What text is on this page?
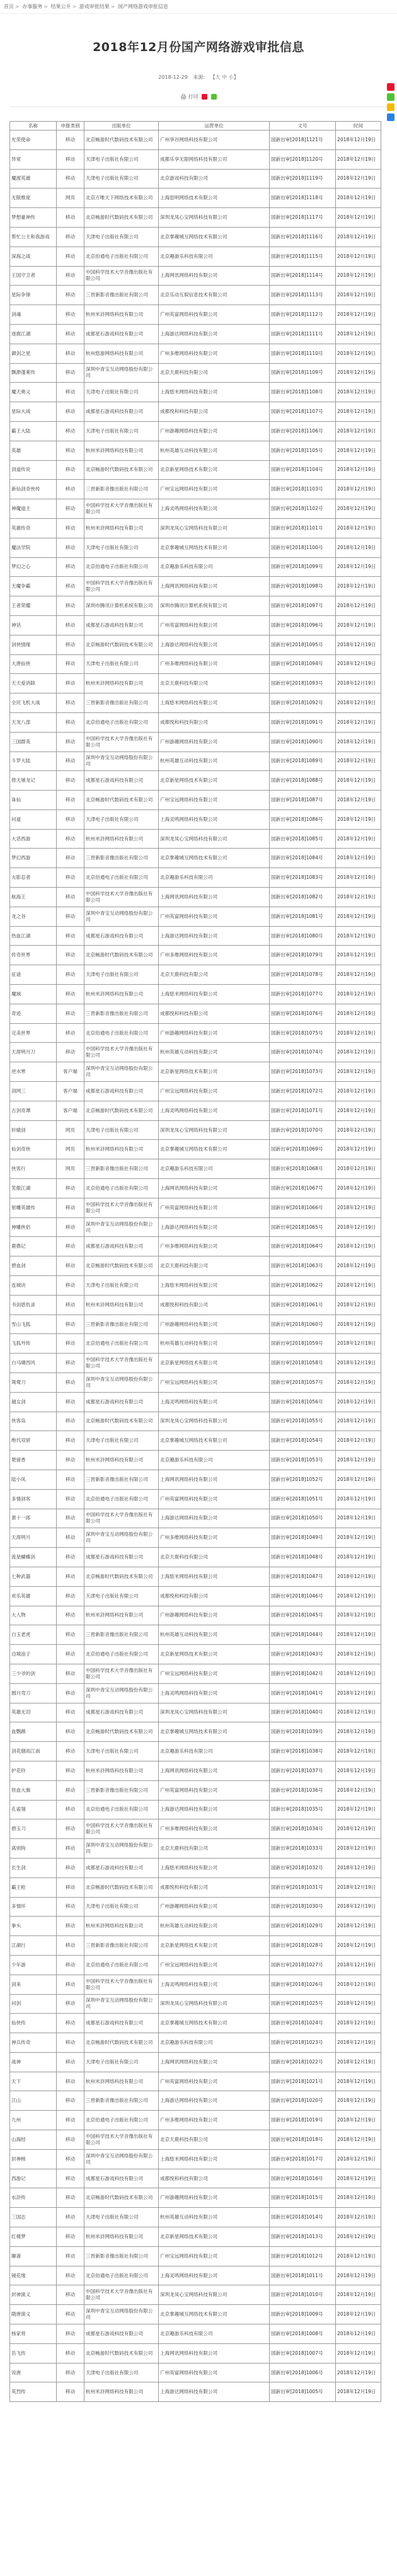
首页 > 办事服务 > 结果公开 > 游戏审批结果 > 国产网络游戏审批信息
2018年12月份国产网络游戏审批信息
2018-12-29 来源: 【大 中 小】
🖨 打印
名称	申报类别	出版单位	运营单位	文号	时间
光荣使命	移动	北京畅游时代数码技术有限公司	广州享谷网络科技有限公司	国新出审[2018]1121号	2018年12月19日
异常	移动	天津电子出版社有限公司	成都乐享无限网络科技有限公司	国新出审[2018]1120号	2018年12月19日
魔渡英雄	移动	天津电子出版社有限公司	北京游戏科技有限公司	国新出审[2018]1119号	2018年12月19日
无限维度	网页	北京万唯天下网络技术有限公司	上海思明网络技术有限公司	国新出审[2018]1118号	2018年12月19日
梦想豪神传	移动	北京畅游时代数码技术有限公司	深圳龙凤心宝网络科技有限公司	国新出审[2018]1117号	2018年12月19日
帮忙公主和我游戏	移动	天津电子出版社有限公司	北京掌趣城互网络技术有限公司	国新出审[2018]1116号	2018年12月19日
深海之战	移动	北京伯通电子出版社有限公司	北京趣游乐科技有限公司	国新出审[2018]1115号	2018年12月19日
王国守卫者	移动	中国科学技术大学音像出版社有限公司	上海网讯网络科技有限公司	国新出审[2018]1114号	2018年12月19日
星际争锋	移动	三晋新影音像出版社有限公司	北京乐动互娱信息技术有限公司	国新出审[2018]1113号	2018年12月19日
剑魂	移动	杭州米浒网络科技有限公司	广州英富网络科技有限公司	国新出审[2018]1112号	2018年12月19日
逐鹿江湖	移动	成都星石游戏科技有限公司	上海游达网络科技有限公司	国新出审[2018]1111号	2018年12月19日
御剑之星	移动	杭州悠游网络科技有限公司	广州多维网络科技有限公司	国新出审[2018]1110号	2018年12月19日
飘渺蓬莱传	移动	深圳中青宝互动网络股份有限公司	北京天鹿科技有限公司	国新出审[2018]1109号	2018年12月19日
魔天奥义	移动	天津电子出版社有限公司	上海悠米网络科技有限公司	国新出审[2018]1108号	2018年12月19日
星际大战	移动	成都星石游戏科技有限公司	成都悦和科技有限公司	国新出审[2018]1107号	2018年12月19日
霸王大陆	移动	天津电子出版社有限公司	广州游趣网络科技有限公司	国新出审[2018]1106号	2018年12月19日
英雄	移动	杭州米浒网络科技有限公司	杭州英雄互动科技有限公司	国新出审[2018]1105号	2018年12月19日
剑道传说	移动	北京畅游时代数码技术有限公司	北京新星网络技术有限公司	国新出审[2018]1104号	2018年12月19日
新仙剑奇侠传	移动	三晋新影音像出版社有限公司	广州宝远网络科技有限公司	国新出审[2018]1103号	2018年12月19日
神魔道主	移动	中国科学技术大学音像出版社有限公司	上海灵鸣网络科技有限公司	国新出审[2018]1102号	2018年12月19日
英雄传奇	移动	杭州米浒网络科技有限公司	深圳龙凤心宝网络科技有限公司	国新出审[2018]1101号	2018年12月19日
魔法学院	移动	天津电子出版社有限公司	北京掌趣城互网络技术有限公司	国新出审[2018]1100号	2018年12月19日
梦幻之心	移动	北京伯通电子出版社有限公司	北京趣游乐科技有限公司	国新出审[2018]1099号	2018年12月19日
天魔争霸	移动	中国科学技术大学音像出版社有限公司	上海网讯网络科技有限公司	国新出审[2018]1098号	2018年12月19日
王者荣耀	移动	深圳市腾讯计算机系统有限公司	深圳市腾讯计算机系统有限公司	国新出审[2018]1097号	2018年12月19日
神话	移动	成都星石游戏科技有限公司	广州英富网络科技有限公司	国新出审[2018]1096号	2018年12月19日
剑侠情缘	移动	北京畅游时代数码技术有限公司	上海游达网络科技有限公司	国新出审[2018]1095号	2018年12月19日
大唐仙侠	移动	天津电子出版社有限公司	广州多维网络科技有限公司	国新出审[2018]1094号	2018年12月19日
天天爱消除	移动	杭州米浒网络科技有限公司	北京天鹿科技有限公司	国新出审[2018]1093号	2018年12月19日
全民飞机大战	移动	三晋新影音像出版社有限公司	上海悠米网络科技有限公司	国新出审[2018]1092号	2018年12月19日
天龙八部	移动	北京伯通电子出版社有限公司	成都悦和科技有限公司	国新出审[2018]1091号	2018年12月19日
三国群英	移动	中国科学技术大学音像出版社有限公司	广州游趣网络科技有限公司	国新出审[2018]1090号	2018年12月19日
斗罗大陆	移动	深圳中青宝互动网络股份有限公司	杭州英雄互动科技有限公司	国新出审[2018]1089号	2018年12月19日
倚天屠龙记	移动	成都星石游戏科技有限公司	北京新星网络技术有限公司	国新出审[2018]1088号	2018年12月19日
诛仙	移动	北京畅游时代数码技术有限公司	广州宝远网络科技有限公司	国新出审[2018]1087号	2018年12月19日
问道	移动	天津电子出版社有限公司	上海灵鸣网络科技有限公司	国新出审[2018]1086号	2018年12月19日
大话西游	移动	杭州米浒网络科技有限公司	深圳龙凤心宝网络科技有限公司	国新出审[2018]1085号	2018年12月19日
梦幻西游	移动	三晋新影音像出版社有限公司	北京掌趣城互网络技术有限公司	国新出审[2018]1084号	2018年12月19日
火影忍者	移动	北京伯通电子出版社有限公司	北京趣游乐科技有限公司	国新出审[2018]1083号	2018年12月19日
航海王	移动	中国科学技术大学音像出版社有限公司	上海网讯网络科技有限公司	国新出审[2018]1082号	2018年12月19日
龙之谷	移动	深圳中青宝互动网络股份有限公司	广州英富网络科技有限公司	国新出审[2018]1081号	2018年12月19日
热血江湖	移动	成都星石游戏科技有限公司	上海游达网络科技有限公司	国新出审[2018]1080号	2018年12月19日
传奇世界	移动	北京畅游时代数码技术有限公司	广州多维网络科技有限公司	国新出审[2018]1079号	2018年12月19日
征途	移动	天津电子出版社有限公司	北京天鹿科技有限公司	国新出审[2018]1078号	2018年12月19日
魔域	移动	杭州米浒网络科技有限公司	上海悠米网络科技有限公司	国新出审[2018]1077号	2018年12月19日
奇迹	移动	三晋新影音像出版社有限公司	成都悦和科技有限公司	国新出审[2018]1076号	2018年12月19日
完美世界	移动	北京伯通电子出版社有限公司	广州游趣网络科技有限公司	国新出审[2018]1075号	2018年12月19日
天涯明月刀	移动	中国科学技术大学音像出版社有限公司	杭州英雄互动科技有限公司	国新出审[2018]1074号	2018年12月19日
逆水寒	客户端	深圳中青宝互动网络股份有限公司	北京新星网络技术有限公司	国新出审[2018]1073号	2018年12月19日
剑网三	客户端	成都星石游戏科技有限公司	广州宝远网络科技有限公司	国新出审[2018]1072号	2018年12月19日
古剑奇谭	客户端	北京畅游时代数码技术有限公司	上海灵鸣网络科技有限公司	国新出审[2018]1071号	2018年12月19日
轩辕剑	网页	天津电子出版社有限公司	深圳龙凤心宝网络科技有限公司	国新出审[2018]1070号	2018年12月19日
仙剑奇侠	网页	杭州米浒网络科技有限公司	北京掌趣城互网络技术有限公司	国新出审[2018]1069号	2018年12月19日
侠客行	网页	三晋新影音像出版社有限公司	北京趣游乐科技有限公司	国新出审[2018]1068号	2018年12月19日
笑傲江湖	移动	北京伯通电子出版社有限公司	上海网讯网络科技有限公司	国新出审[2018]1067号	2018年12月19日
射雕英雄传	移动	中国科学技术大学音像出版社有限公司	广州英富网络科技有限公司	国新出审[2018]1066号	2018年12月19日
神雕侠侣	移动	深圳中青宝互动网络股份有限公司	上海游达网络科技有限公司	国新出审[2018]1065号	2018年12月19日
鹿鼎记	移动	成都星石游戏科技有限公司	广州多维网络科技有限公司	国新出审[2018]1064号	2018年12月19日
碧血剑	移动	北京畅游时代数码技术有限公司	北京天鹿科技有限公司	国新出审[2018]1063号	2018年12月19日
连城诀	移动	天津电子出版社有限公司	上海悠米网络科技有限公司	国新出审[2018]1062号	2018年12月19日
书剑恩仇录	移动	杭州米浒网络科技有限公司	成都悦和科技有限公司	国新出审[2018]1061号	2018年12月19日
雪山飞狐	移动	三晋新影音像出版社有限公司	广州游趣网络科技有限公司	国新出审[2018]1060号	2018年12月19日
飞狐外传	移动	北京伯通电子出版社有限公司	杭州英雄互动科技有限公司	国新出审[2018]1059号	2018年12月19日
白马啸西风	移动	中国科学技术大学音像出版社有限公司	北京新星网络技术有限公司	国新出审[2018]1058号	2018年12月19日
鸳鸯刀	移动	深圳中青宝互动网络股份有限公司	广州宝远网络科技有限公司	国新出审[2018]1057号	2018年12月19日
越女剑	移动	成都星石游戏科技有限公司	上海灵鸣网络科技有限公司	国新出审[2018]1056号	2018年12月19日
侠客岛	移动	北京畅游时代数码技术有限公司	深圳龙凤心宝网络科技有限公司	国新出审[2018]1055号	2018年12月19日
绝代双骄	移动	天津电子出版社有限公司	北京掌趣城互网络技术有限公司	国新出审[2018]1054号	2018年12月19日
楚留香	移动	杭州米浒网络科技有限公司	北京趣游乐科技有限公司	国新出审[2018]1053号	2018年12月19日
陆小凤	移动	三晋新影音像出版社有限公司	上海网讯网络科技有限公司	国新出审[2018]1052号	2018年12月19日
多情剑客	移动	北京伯通电子出版社有限公司	广州英富网络科技有限公司	国新出审[2018]1051号	2018年12月19日
萧十一郎	移动	中国科学技术大学音像出版社有限公司	上海游达网络科技有限公司	国新出审[2018]1050号	2018年12月19日
天涯明月	移动	深圳中青宝互动网络股份有限公司	广州多维网络科技有限公司	国新出审[2018]1049号	2018年12月19日
流星蝴蝶剑	移动	成都星石游戏科技有限公司	北京天鹿科技有限公司	国新出审[2018]1048号	2018年12月19日
七种武器	移动	北京畅游时代数码技术有限公司	上海悠米网络科技有限公司	国新出审[2018]1047号	2018年12月19日
欢乐英雄	移动	天津电子出版社有限公司	成都悦和科技有限公司	国新出审[2018]1046号	2018年12月19日
大人物	移动	杭州米浒网络科技有限公司	广州游趣网络科技有限公司	国新出审[2018]1045号	2018年12月19日
白玉老虎	移动	三晋新影音像出版社有限公司	杭州英雄互动科技有限公司	国新出审[2018]1044号	2018年12月19日
边城浪子	移动	北京伯通电子出版社有限公司	北京新星网络技术有限公司	国新出审[2018]1043号	2018年12月19日
三少爷的剑	移动	中国科学技术大学音像出版社有限公司	广州宝远网络科技有限公司	国新出审[2018]1042号	2018年12月19日
圆月弯刀	移动	深圳中青宝互动网络股份有限公司	上海灵鸣网络科技有限公司	国新出审[2018]1041号	2018年12月19日
英雄无泪	移动	成都星石游戏科技有限公司	深圳龙凤心宝网络科技有限公司	国新出审[2018]1040号	2018年12月19日
血鹦鹉	移动	北京畅游时代数码技术有限公司	北京掌趣城互网络技术有限公司	国新出审[2018]1039号	2018年12月19日
剑花烟雨江南	移动	天津电子出版社有限公司	北京趣游乐科技有限公司	国新出审[2018]1038号	2018年12月19日
护花铃	移动	杭州米浒网络科技有限公司	上海网讯网络科技有限公司	国新出审[2018]1037号	2018年12月19日
铁血大旗	移动	三晋新影音像出版社有限公司	广州英富网络科技有限公司	国新出审[2018]1036号	2018年12月19日
孔雀翎	移动	北京伯通电子出版社有限公司	上海游达网络科技有限公司	国新出审[2018]1035号	2018年12月19日
碧玉刀	移动	中国科学技术大学音像出版社有限公司	广州多维网络科技有限公司	国新出审[2018]1034号	2018年12月19日
离别钩	移动	深圳中青宝互动网络股份有限公司	北京天鹿科技有限公司	国新出审[2018]1033号	2018年12月19日
长生剑	移动	成都星石游戏科技有限公司	上海悠米网络科技有限公司	国新出审[2018]1032号	2018年12月19日
霸王枪	移动	北京畅游时代数码技术有限公司	成都悦和科技有限公司	国新出审[2018]1031号	2018年12月19日
多情环	移动	天津电子出版社有限公司	广州游趣网络科技有限公司	国新出审[2018]1030号	2018年12月19日
拳头	移动	杭州米浒网络科技有限公司	杭州英雄互动科技有限公司	国新出审[2018]1029号	2018年12月19日
江湖行	移动	三晋新影音像出版社有限公司	北京新星网络技术有限公司	国新出审[2018]1028号	2018年12月19日
少年游	移动	北京伯通电子出版社有限公司	广州宝远网络科技有限公司	国新出审[2018]1027号	2018年12月19日
剑来	移动	中国科学技术大学音像出版社有限公司	上海灵鸣网络科技有限公司	国新出审[2018]1026号	2018年12月19日
问剑	移动	深圳中青宝互动网络股份有限公司	深圳龙凤心宝网络科技有限公司	国新出审[2018]1025号	2018年12月19日
仙侠传	移动	成都星石游戏科技有限公司	北京掌趣城互网络技术有限公司	国新出审[2018]1024号	2018年12月19日
神兵传奇	移动	北京畅游时代数码技术有限公司	北京趣游乐科技有限公司	国新出审[2018]1023号	2018年12月19日
战神	移动	天津电子出版社有限公司	上海网讯网络科技有限公司	国新出审[2018]1022号	2018年12月19日
天下	移动	杭州米浒网络科技有限公司	广州英富网络科技有限公司	国新出审[2018]1021号	2018年12月19日
江山	移动	三晋新影音像出版社有限公司	上海游达网络科技有限公司	国新出审[2018]1020号	2018年12月19日
九州	移动	北京伯通电子出版社有限公司	广州多维网络科技有限公司	国新出审[2018]1019号	2018年12月19日
山海经	移动	中国科学技术大学音像出版社有限公司	北京天鹿科技有限公司	国新出审[2018]1018号	2018年12月19日
封神榜	移动	深圳中青宝互动网络股份有限公司	上海悠米网络科技有限公司	国新出审[2018]1017号	2018年12月19日
西游记	移动	成都星石游戏科技有限公司	成都悦和科技有限公司	国新出审[2018]1016号	2018年12月19日
水浒传	移动	北京畅游时代数码技术有限公司	广州游趣网络科技有限公司	国新出审[2018]1015号	2018年12月19日
三国志	移动	天津电子出版社有限公司	杭州英雄互动科技有限公司	国新出审[2018]1014号	2018年12月19日
红楼梦	移动	杭州米浒网络科技有限公司	北京新星网络技术有限公司	国新出审[2018]1013号	2018年12月19日
聊斋	移动	三晋新影音像出版社有限公司	广州宝远网络科技有限公司	国新出审[2018]1012号	2018年12月19日
镜花缘	移动	北京伯通电子出版社有限公司	上海灵鸣网络科技有限公司	国新出审[2018]1011号	2018年12月19日
封神演义	移动	中国科学技术大学音像出版社有限公司	深圳龙凤心宝网络科技有限公司	国新出审[2018]1010号	2018年12月19日
隋唐演义	移动	深圳中青宝互动网络股份有限公司	北京掌趣城互网络技术有限公司	国新出审[2018]1009号	2018年12月19日
杨家将	移动	成都星石游戏科技有限公司	北京趣游乐科技有限公司	国新出审[2018]1008号	2018年12月19日
岳飞传	移动	北京畅游时代数码技术有限公司	上海网讯网络科技有限公司	国新出审[2018]1007号	2018年12月19日
说唐	移动	天津电子出版社有限公司	广州英富网络科技有限公司	国新出审[2018]1006号	2018年12月19日
英烈传	移动	杭州米浒网络科技有限公司	上海游达网络科技有限公司	国新出审[2018]1005号	2018年12月19日
